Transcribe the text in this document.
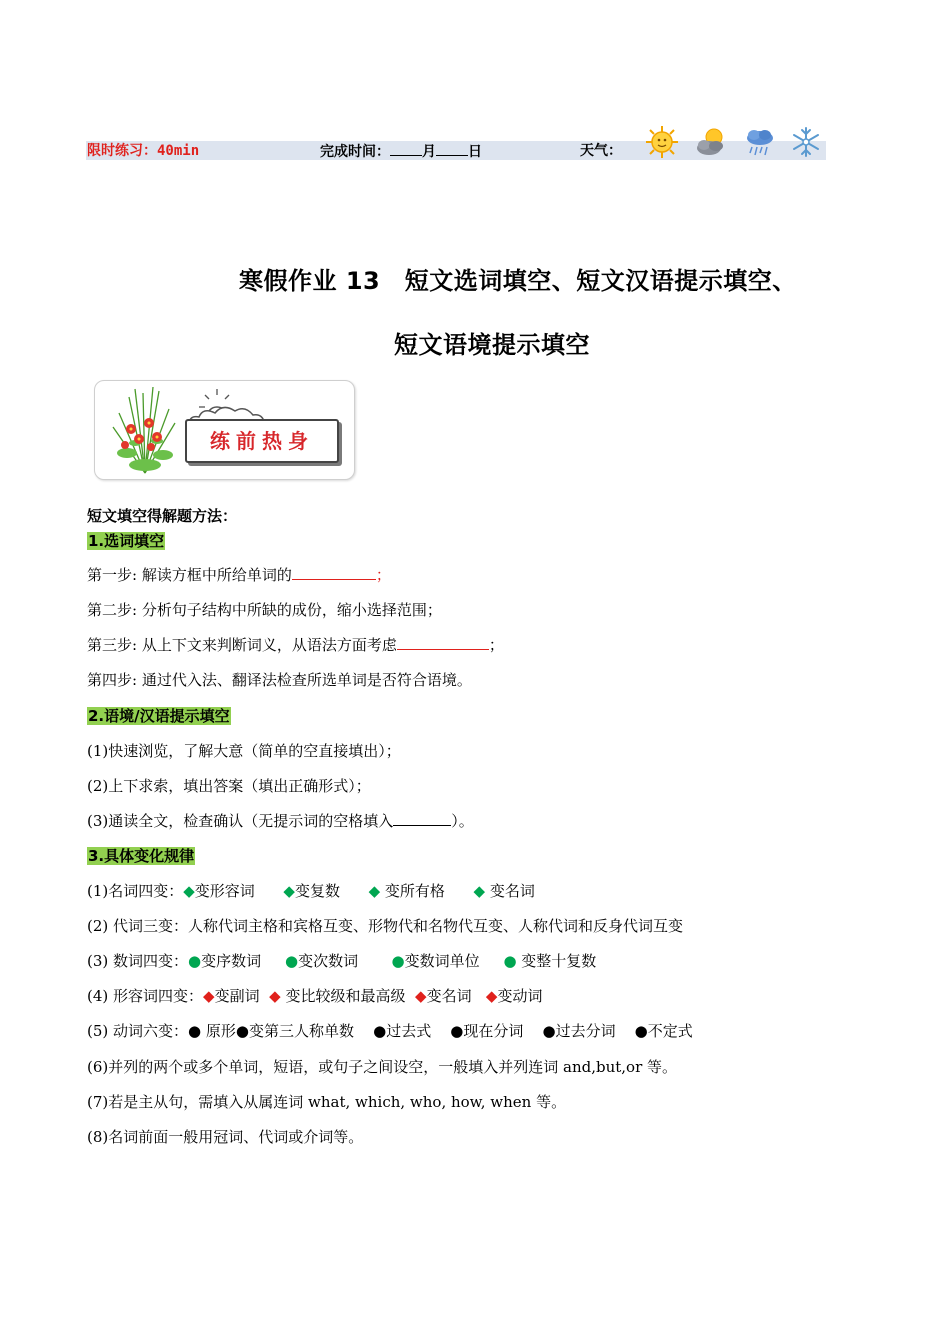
限时练习：40min	完成时间： 月 日	天气：
寒假作业 13　短文选词填空、短文汉语提示填空、
短文语境提示填空
练前热身
短文填空得解题方法：
1.选词填空
第一步: 解读方框中所给单词的	；
第二步: 分析句子结构中所缺的成份，缩小选择范围；
第三步: 从上下文来判断词义，从语法方面考虑	；
第四步: 通过代入法、翻译法检查所选单词是否符合语境。
2.语境/汉语提示填空
(1)快速浏览，了解大意（简单的空直接填出）；
(2)上下求索，填出答案（填出正确形式）；
(3)通读全文，检查确认（无提示词的空格填入	）。
3.具体变化规律
(1)名词四变：◆变形容词 ◆变复数 ◆ 变所有格 ◆ 变名词
(2) 代词三变：人称代词主格和宾格互变、形物代和名物代互变、人称代词和反身代词互变
(3) 数词四变：●变序数词 ●变次数词 ●变数词单位 ● 变整十复数
(4) 形容词四变：◆变副词 ◆ 变比较级和最高级 ◆变名词 ◆变动词
(5) 动词六变：● 原形●变第三人称单数 ●过去式 ●现在分词 ●过去分词 ●不定式
(6)并列的两个或多个单词，短语，或句子之间设空，一般填入并列连词 and,but,or 等。
(7)若是主从句，需填入从属连词 what, which, who, how, when 等。
(8)名词前面一般用冠词、代词或介词等。
